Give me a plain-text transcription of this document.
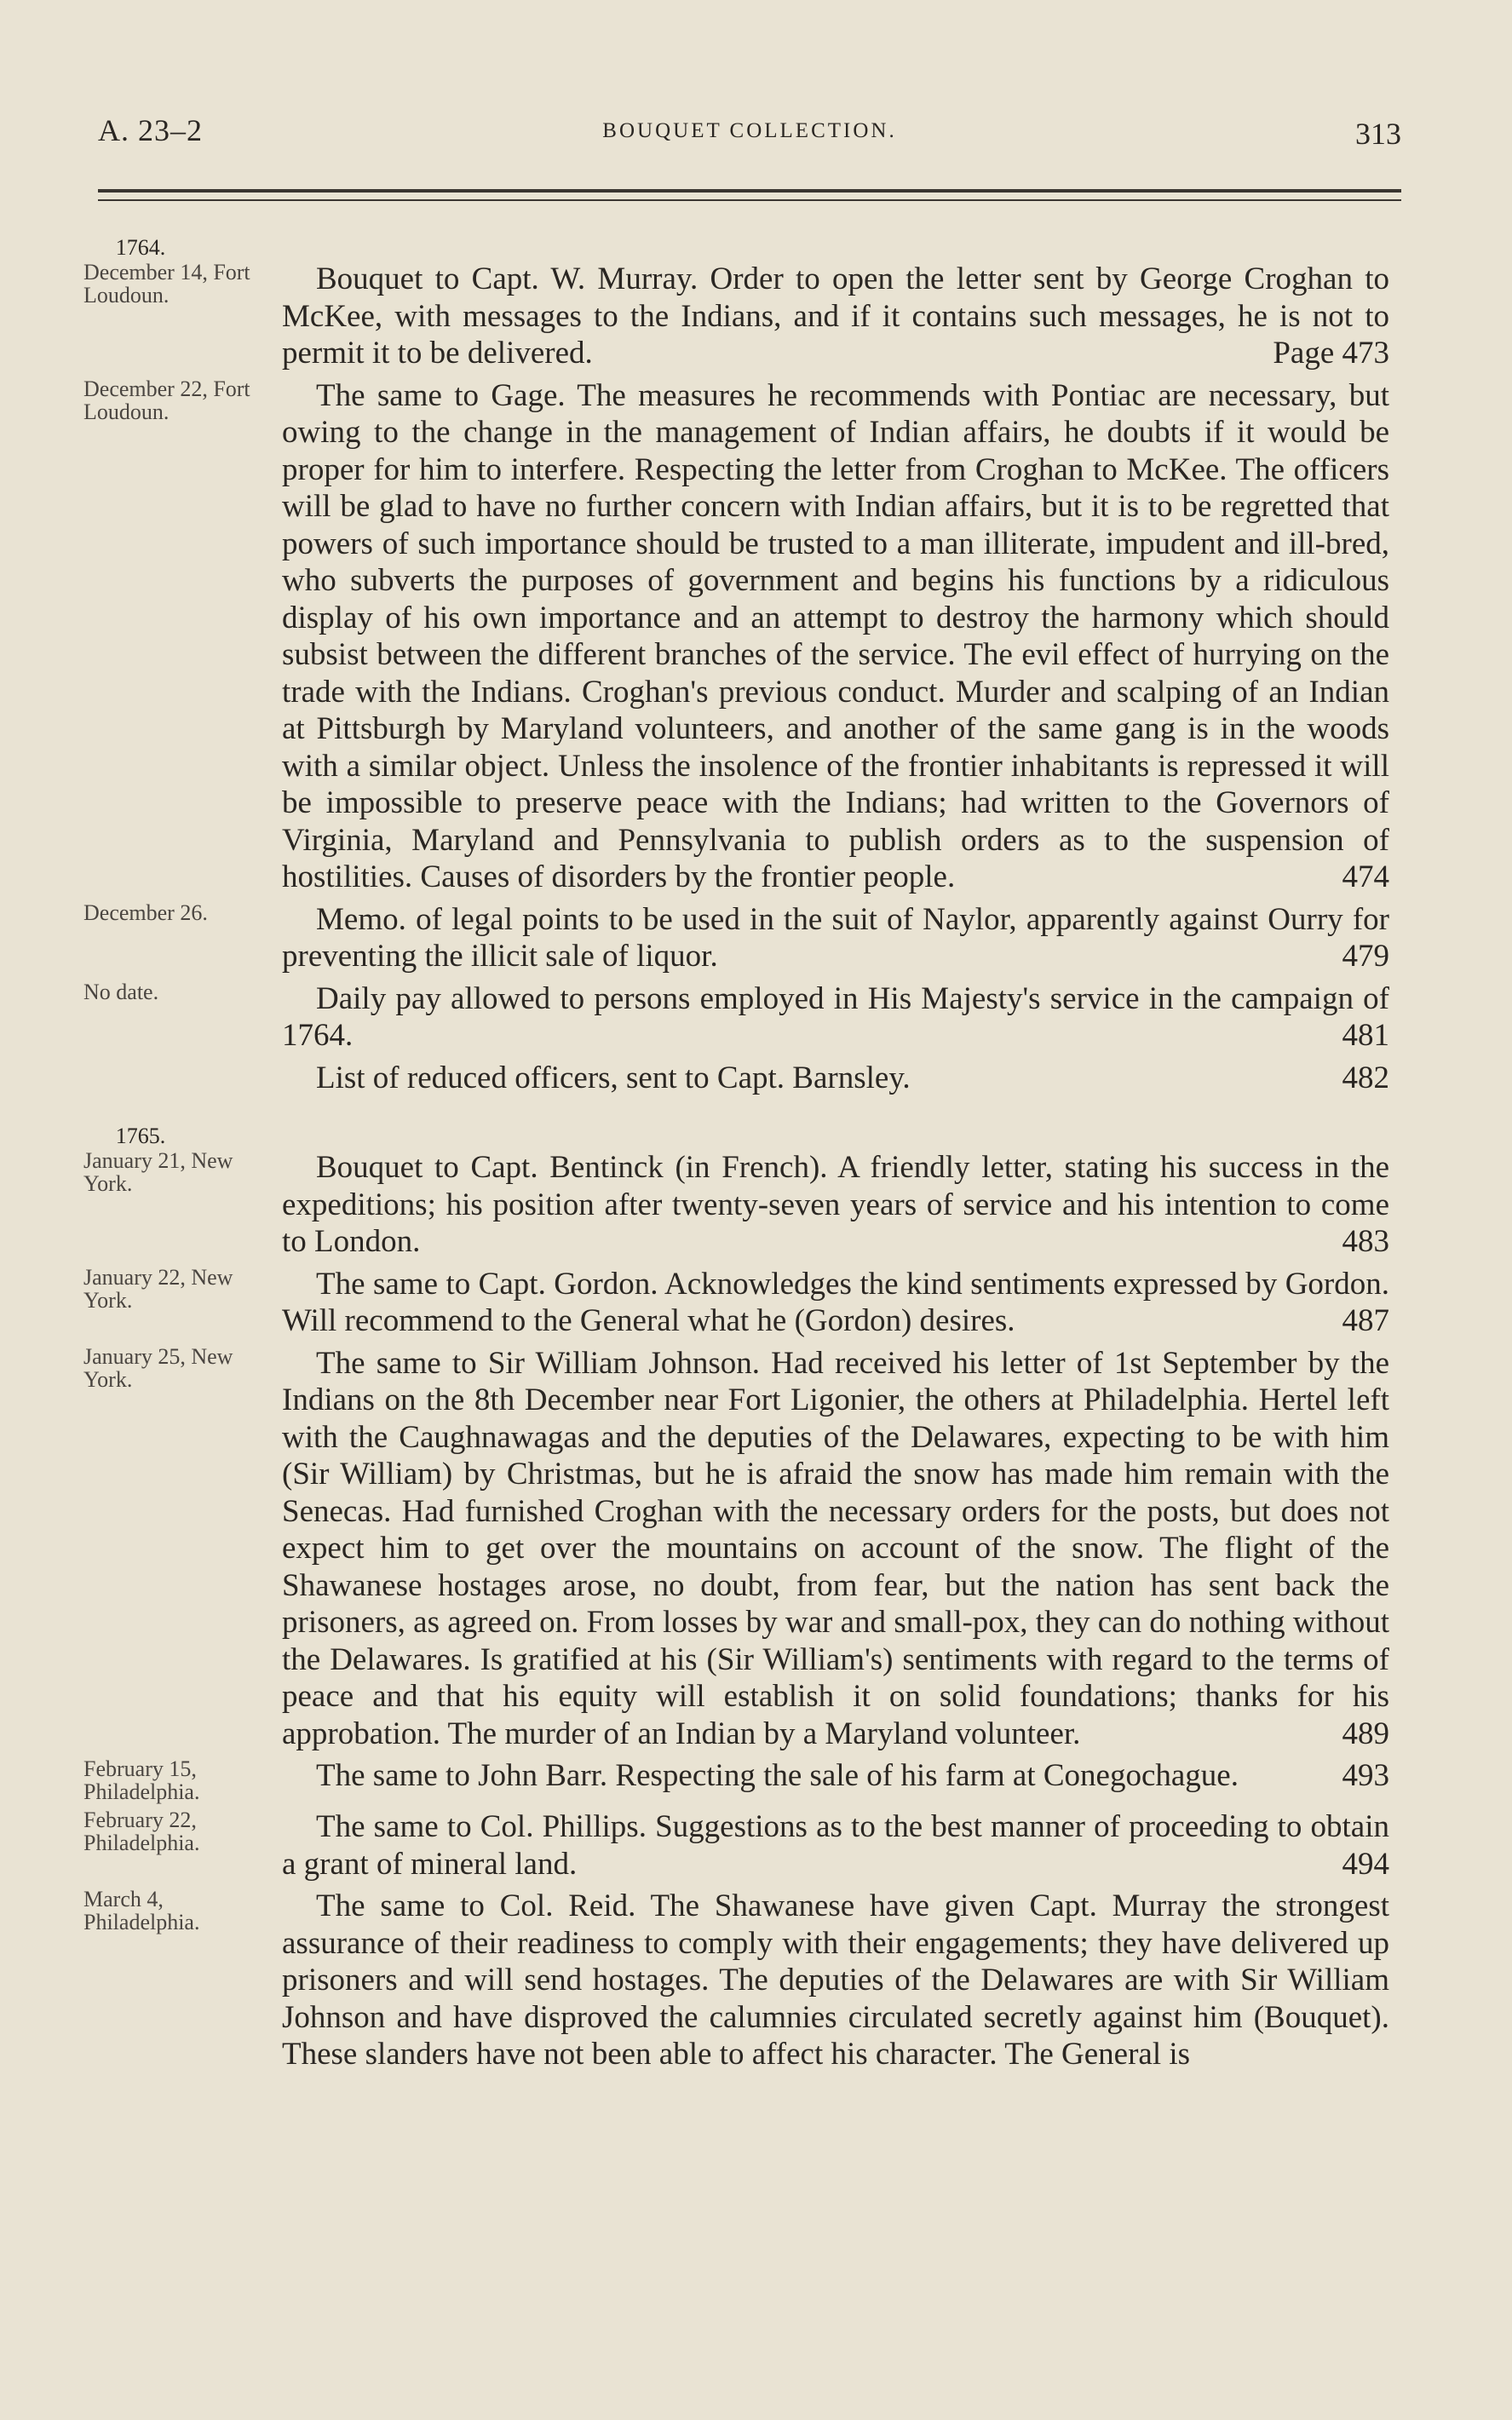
A. 23–2	BOUQUET COLLECTION.	313
1764.
December 14, Fort Loudoun.	Bouquet to Capt. W. Murray. Order to open the letter sent by George Croghan to McKee, with messages to the Indians, and if it contains such messages, he is not to permit it to be delivered.	Page 473
December 22, Fort Loudoun.	The same to Gage. The measures he recommends with Pontiac are necessary, but owing to the change in the management of Indian affairs, he doubts if it would be proper for him to interfere. Respecting the letter from Croghan to McKee. The officers will be glad to have no further concern with Indian affairs, but it is to be regretted that powers of such importance should be trusted to a man illiterate, impudent and ill-bred, who subverts the purposes of government and begins his functions by a ridiculous display of his own importance and an attempt to destroy the harmony which should subsist between the different branches of the service. The evil effect of hurrying on the trade with the Indians. Croghan's previous conduct. Murder and scalping of an Indian at Pittsburgh by Maryland volunteers, and another of the same gang is in the woods with a similar object. Unless the insolence of the frontier inhabitants is repressed it will be impossible to preserve peace with the Indians; had written to the Governors of Virginia, Maryland and Pennsylvania to publish orders as to the suspension of hostilities. Causes of disorders by the frontier people.	474
December 26.	Memo. of legal points to be used in the suit of Naylor, apparently against Ourry for preventing the illicit sale of liquor.	479
No date.	Daily pay allowed to persons employed in His Majesty's service in the campaign of 1764.	481
List of reduced officers, sent to Capt. Barnsley.	482
1765.
January 21, New York.	Bouquet to Capt. Bentinck (in French). A friendly letter, stating his success in the expeditions; his position after twenty-seven years of service and his intention to come to London.	483
January 22, New York.	The same to Capt. Gordon. Acknowledges the kind sentiments expressed by Gordon. Will recommend to the General what he (Gordon) desires.	487
January 25, New York.	The same to Sir William Johnson. Had received his letter of 1st September by the Indians on the 8th December near Fort Ligonier, the others at Philadelphia. Hertel left with the Caughnawagas and the deputies of the Delawares, expecting to be with him (Sir William) by Christmas, but he is afraid the snow has made him remain with the Senecas. Had furnished Croghan with the necessary orders for the posts, but does not expect him to get over the mountains on account of the snow. The flight of the Shawanese hostages arose, no doubt, from fear, but the nation has sent back the prisoners, as agreed on. From losses by war and small-pox, they can do nothing without the Delawares. Is gratified at his (Sir William's) sentiments with regard to the terms of peace and that his equity will establish it on solid foundations; thanks for his approbation. The murder of an Indian by a Maryland volunteer.	489
February 15, Philadelphia.	The same to John Barr. Respecting the sale of his farm at Conegochague.	493
February 22, Philadelphia.	The same to Col. Phillips. Suggestions as to the best manner of proceeding to obtain a grant of mineral land.	494
March 4, Philadelphia.	The same to Col. Reid. The Shawanese have given Capt. Murray the strongest assurance of their readiness to comply with their engagements; they have delivered up prisoners and will send hostages. The deputies of the Delawares are with Sir William Johnson and have disproved the calumnies circulated secretly against him (Bouquet). These slanders have not been able to affect his character. The General is
